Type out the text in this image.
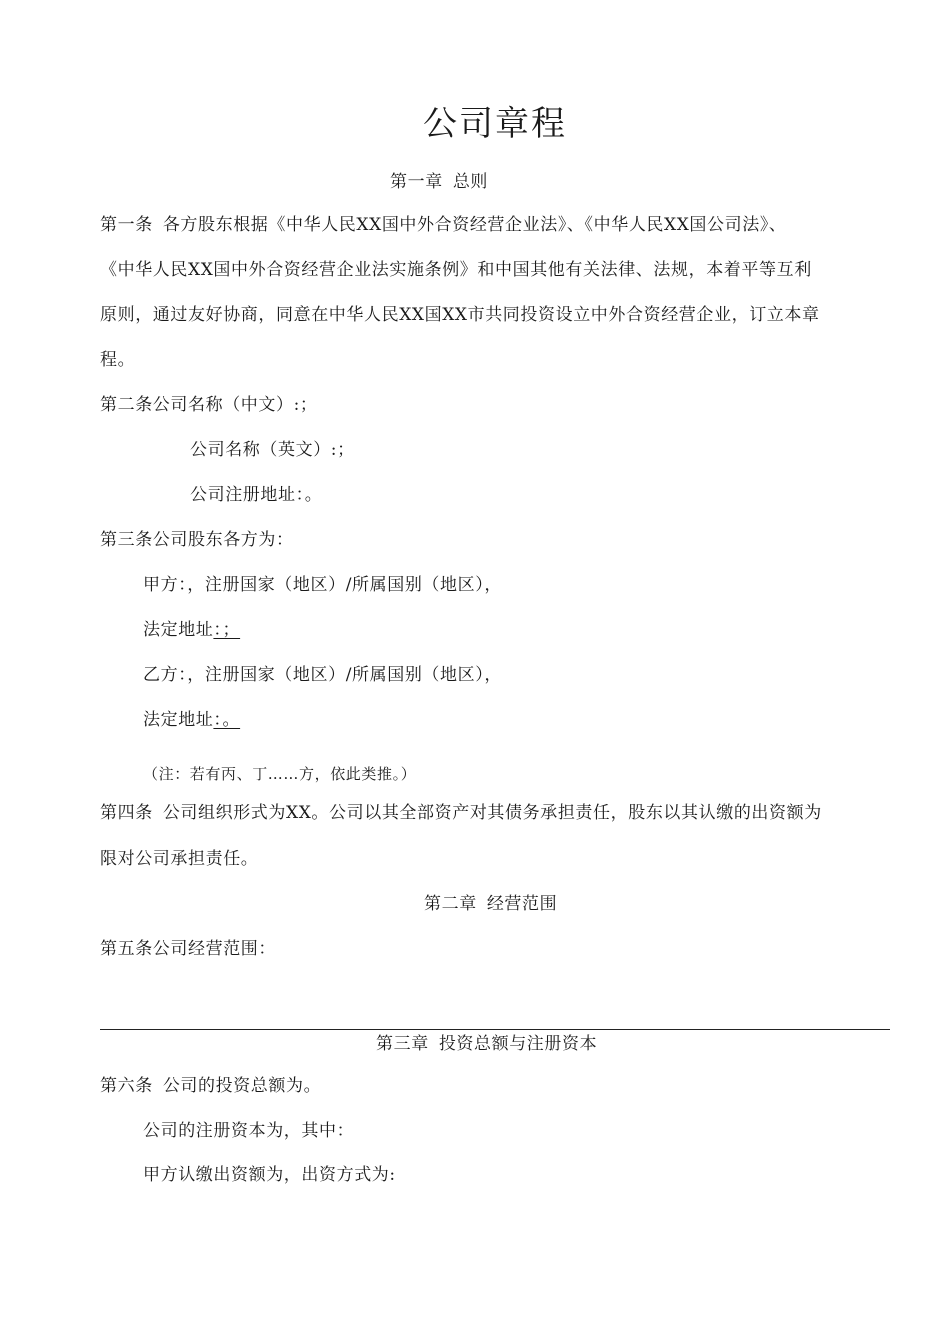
公司章程
第一章 总则
第一条 各方股东根据《中华人民XX国中外合资经营企业法》、《中华人民XX国公司法》、
《中华人民XX国中外合资经营企业法实施条例》和中国其他有关法律、法规，本着平等互利
原则，通过友好协商，同意在中华人民XX国XX市共同投资设立中外合资经营企业，订立本章
程。
第二条公司名称（中文）:；
公司名称（英文）:；
公司注册地址：。
第三条公司股东各方为：
甲方：，注册国家（地区）/所属国别（地区），
法定地址：；
乙方：，注册国家（地区）/所属国别（地区），
法定地址：。
（注：若有丙、丁……方，依此类推。）
第四条 公司组织形式为XX。公司以其全部资产对其债务承担责任，股东以其认缴的出资额为
限对公司承担责任。
第二章 经营范围
第五条公司经营范围：
第三章 投资总额与注册资本
第六条 公司的投资总额为。
公司的注册资本为，其中：
甲方认缴出资额为，出资方式为:
